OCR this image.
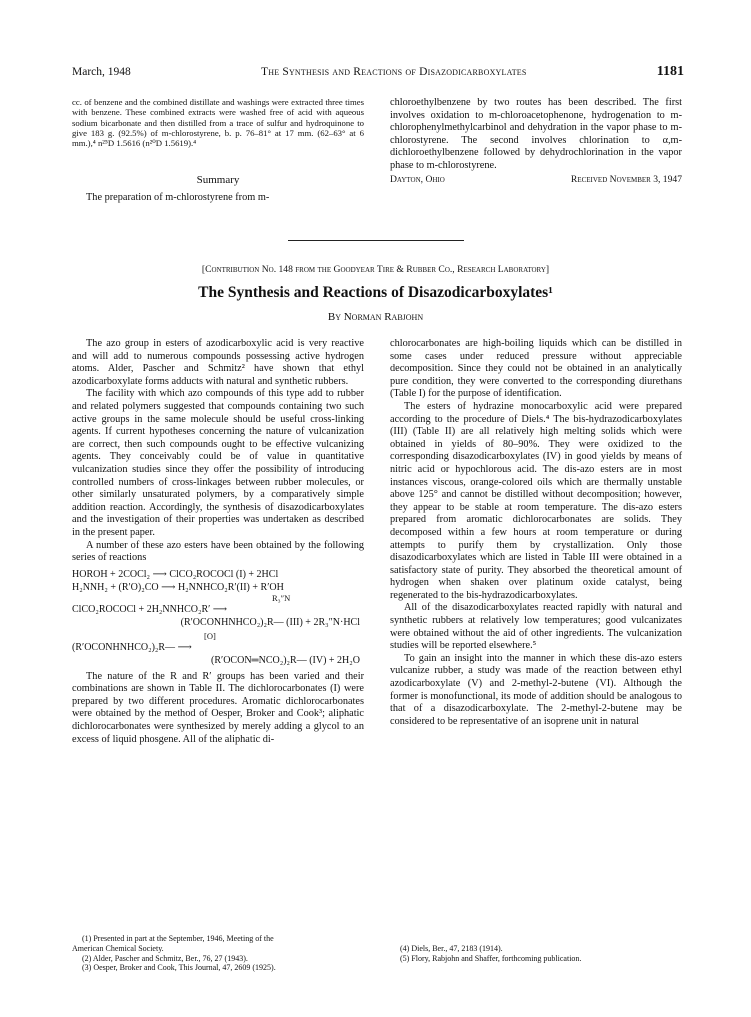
March, 1948	The Synthesis and Reactions of Disazodicarboxylates	1181

cc. of benzene and the combined distillate and washings were extracted three times with benzene. These combined extracts were washed free of acid with aqueous sodium bicarbonate and then distilled from a trace of sulfur and hydroquinone to give 183 g. (92.5%) of m-chlorostyrene, b. p. 76–81° at 17 mm. (62–63° at 6 mm.),⁴ n²⁵D 1.5616 (n²⁰D 1.5619).⁴

Summary

The preparation of m-chlorostyrene from m-

chloroethylbenzene by two routes has been described. The first involves oxidation to m-chloroacetophenone, hydrogenation to m-chlorophenylmethylcarbinol and dehydration in the vapor phase to m-chlorostyrene. The second involves chlorination to α,m-dichloroethylbenzene followed by dehydrochlorination in the vapor phase to m-chlorostyrene.

Dayton, Ohio	Received November 3, 1947
[Contribution No. 148 from the Goodyear Tire & Rubber Co., Research Laboratory]
The Synthesis and Reactions of Disazodicarboxylates¹
By Norman Rabjohn

The azo group in esters of azodicarboxylic acid is very reactive and will add to numerous compounds possessing active hydrogen atoms. Alder, Pascher and Schmitz² have shown that ethyl azodicarboxylate forms adducts with natural and synthetic rubbers.

The facility with which azo compounds of this type add to rubber and related polymers suggested that compounds containing two such active groups in the same molecule should be useful cross-linking agents. If current hypotheses concerning the nature of vulcanization are correct, then such compounds ought to be effective vulcanizing agents. They conceivably could be of value in quantitative vulcanization studies since they offer the possibility of introducing controlled numbers of cross-linkages between rubber molecules, or other similarly unsaturated polymers, by a comparatively simple addition reaction. Accordingly, the synthesis of disazodicarboxylates and the investigation of their properties was undertaken as described in the present paper.

A number of these azo esters have been obtained by the following series of reactions

HOROH + 2COCl₂ ⟶ ClCO₂ROCOCl (I) + 2HCl
H₂NNH₂ + (R′O)₂CO ⟶ H₂NNHCO₂R′(II) + R′OH
R₃″N
ClCO₂ROCOCl + 2H₂NNHCO₂R′ ⟶
(R′OCONHNHCO₂)₂R— (III) + 2R₃″N·HCl
[O]
(R′OCONHNHCO₂)₂R— ⟶
(R′OCON═NCO₂)₂R— (IV) + 2H₂O

The nature of the R and R′ groups has been varied and their combinations are shown in Table II. The dichlorocarbonates (I) were prepared by two different procedures. Aromatic dichlorocarbonates were obtained by the method of Oesper, Broker and Cook³; aliphatic dichlorocarbonates were synthesized by merely adding a glycol to an excess of liquid phosgene. All of the aliphatic di-

chlorocarbonates are high-boiling liquids which can be distilled in some cases under reduced pressure without appreciable decomposition. Since they could not be obtained in an analytically pure condition, they were converted to the corresponding diurethans (Table I) for the purpose of identification.

The esters of hydrazine monocarboxylic acid were prepared according to the procedure of Diels.⁴ The bis-hydrazodicarboxylates (III) (Table II) are all relatively high melting solids which were obtained in yields of 80–90%. They were oxidized to the corresponding disazodicarboxylates (IV) in good yields by means of nitric acid or hypochlorous acid. The dis-azo esters are in most instances viscous, orange-colored oils which are thermally unstable above 125° and cannot be distilled without decomposition; however, they appear to be stable at room temperature. The dis-azo esters prepared from aromatic dichlorocarbonates are solids. They decomposed within a few hours at room temperature or during attempts to purify them by crystallization. Only those disazodicarboxylates which are listed in Table III were obtained in a satisfactory state of purity. They absorbed the theoretical amount of hydrogen when shaken over platinum oxide catalyst, being regenerated to the bis-hydrazodicarboxylates.

All of the disazodicarboxylates reacted rapidly with natural and synthetic rubbers at relatively low temperatures; good vulcanizates were obtained without the aid of other ingredients. The vulcanization studies will be reported elsewhere.⁵

To gain an insight into the manner in which these dis-azo esters vulcanize rubber, a study was made of the reaction between ethyl azodicarboxylate (V) and 2-methyl-2-butene (VI). Although the former is monofunctional, its mode of addition should be analogous to that of a disazodicarboxylate. The 2-methyl-2-butene may be considered to be representative of an isoprene unit in natural

(1) Presented in part at the September, 1946, Meeting of the
American Chemical Society.
(2) Alder, Pascher and Schmitz, Ber., 76, 27 (1943).
(3) Oesper, Broker and Cook, This Journal, 47, 2609 (1925).
(4) Diels, Ber., 47, 2183 (1914).
(5) Flory, Rabjohn and Shaffer, forthcoming publication.
